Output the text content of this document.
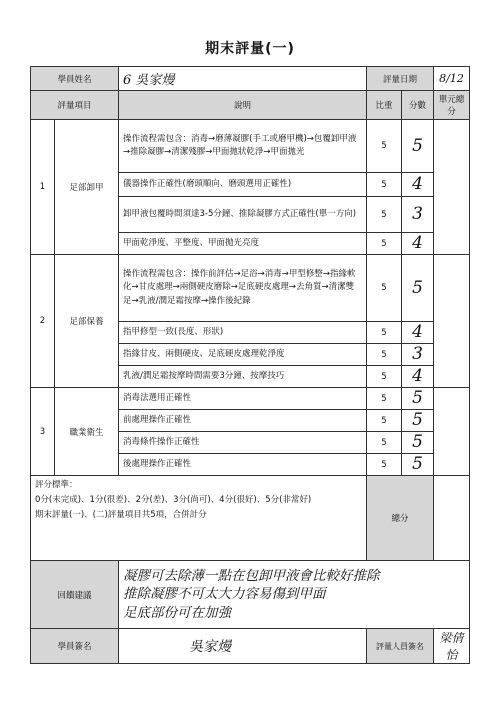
期末評量(一)
學員姓名		6 吳家熳	評量日期		8/12
評量項目		說明	比重	分數	單元總分
1	足部卸甲	操作流程需包含：消毒→磨薄凝膠(手工或磨甲機)→包覆卸甲液→推除凝膠→清潔殘膠→甲面拋狀乾淨→甲面拋光	5	5	
		儀器操作正確性(磨頭順向、磨頭選用正確性)	5	4	
		卸甲液包覆時間須達3-5分鐘、推除凝膠方式正確性(單一方向)	5	3	
		甲面乾淨度、平整度、甲面拋光亮度	5	4	
2	足部保養	操作流程需包含：操作前評估→足浴→消毒→甲型修整→指緣軟化→甘皮處理→兩側硬皮磨除→足底硬皮處理→去角質→清潔雙足→乳液/潤足霜按摩→操作後紀錄	5	5	
		指甲修型一致(長度、形狀)	5	4	
		指緣甘皮、兩側硬皮、足底硬皮處理乾淨度	5	3	
		乳液/潤足霜按摩時間需要3分鐘、按摩技巧	5	4	
3	職業衛生	消毒法選用正確性	5	5	
		前處理操作正確性	5	5	
		消毒條件操作正確性	5	5	
		後處理操作正確性	5	5	

評分標準：
0分(未完成)、1分(很差)、2分(差)、3分(尚可)、4分(很好)、5分(非常好)
期末評量(一)、(二)評量項目共5項，合併計分			總分		
回饋建議		凝膠可去除薄一點在包卸甲液會比較好推除
推除凝膠不可太大力容易傷到甲面
足底部份可在加強			

學員簽名		吳家熳	評量人員簽名		梁倩怡
